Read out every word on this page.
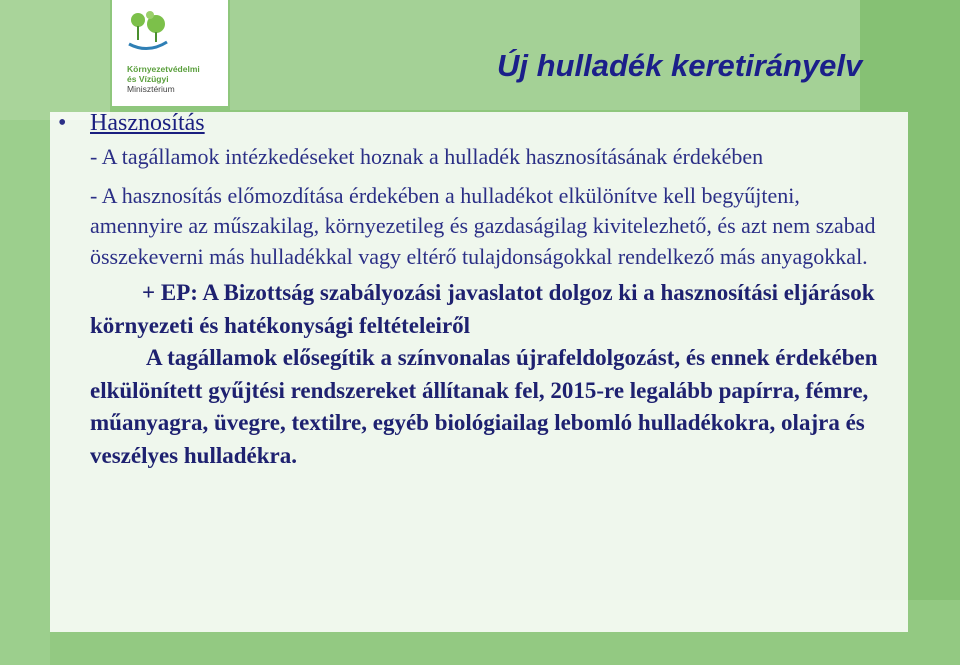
Környezetvédelmi
és Vízügyi
Minisztérium
Új hulladék keretirányelv
• Hasznosítás
- A tagállamok intézkedéseket hoznak a hulladék hasznosításának érdekében
- A hasznosítás előmozdítása érdekében a hulladékot elkülönítve kell begyűjteni, amennyire az műszakilag, környezetileg és gazdaságilag kivitelezhető, és azt nem szabad összekeverni más hulladékkal vagy eltérő tulajdonságokkal rendelkező más anyagokkal.
+ EP: A Bizottság szabályozási javaslatot dolgoz ki a hasznosítási eljárások környezeti és hatékonysági feltételeiről
A tagállamok elősegítik a színvonalas újrafeldolgozást, és ennek érdekében elkülönített gyűjtési rendszereket állítanak fel, 2015-re legalább papírra, fémre, műanyagra, üvegre, textilre, egyéb biológiailag lebomló hulladékokra, olajra és veszélyes hulladékra.
